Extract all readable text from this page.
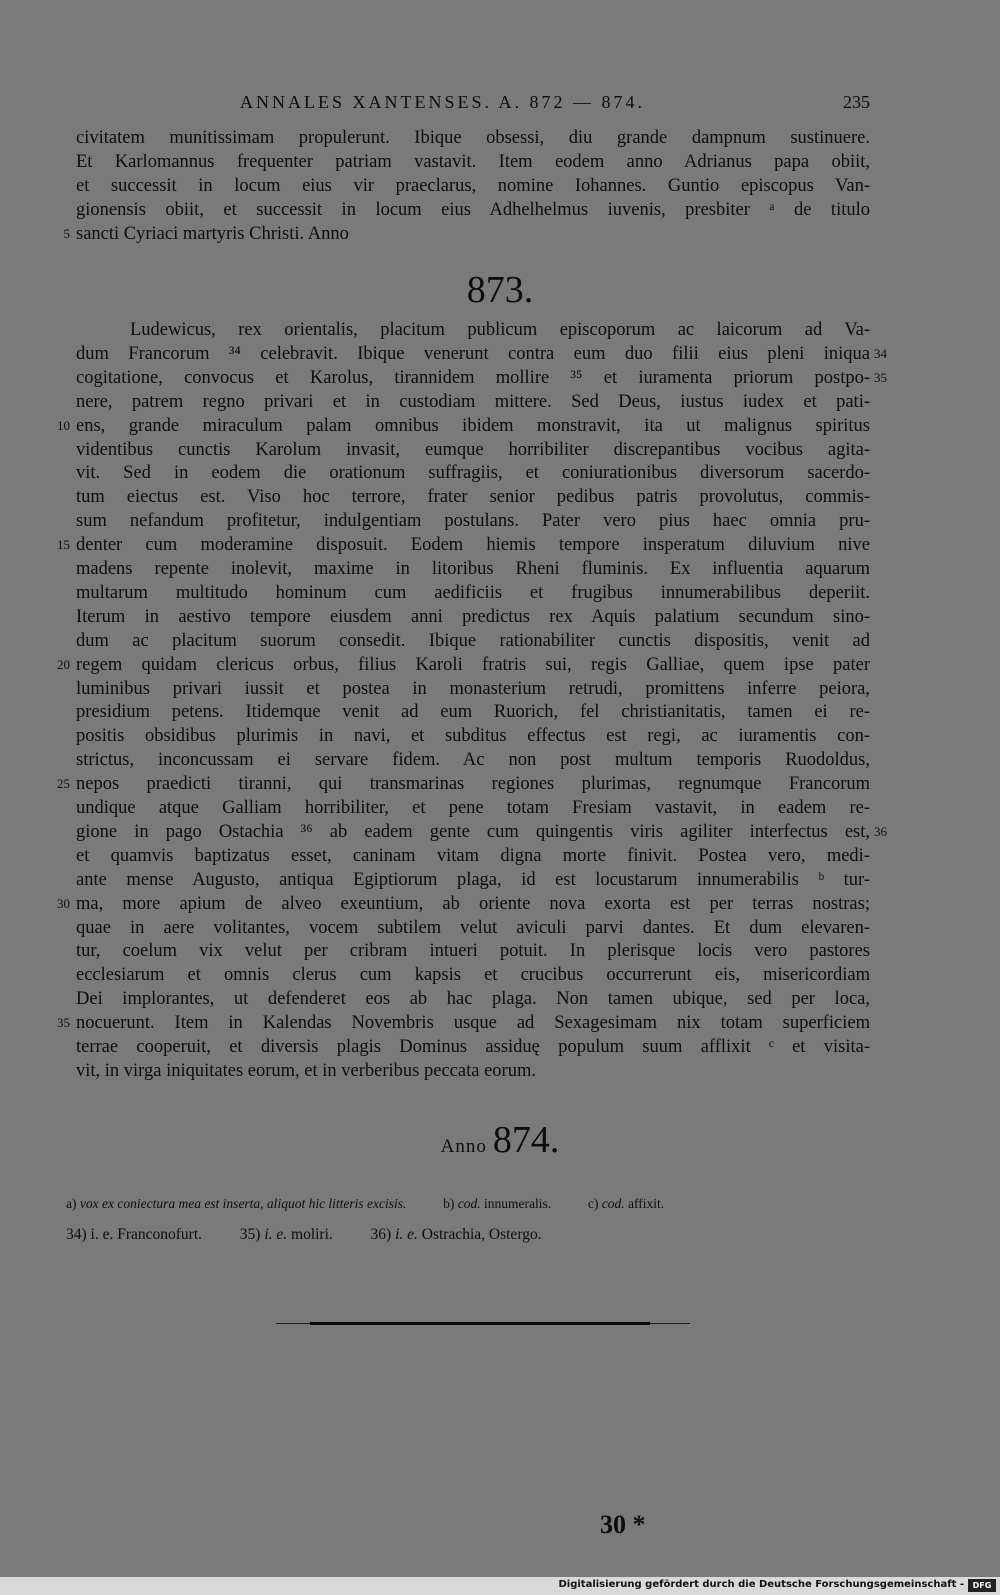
ANNALES XANTENSES. A. 872 — 874.	235
civitatem munitissimam propulerunt. Ibique obsessi, diu grande dampnum sustinuere.
Et Karlomannus frequenter patriam vastavit. Item eodem anno Adrianus papa obiit,
et successit in locum eius vir praeclarus, nomine Iohannes. Guntio episcopus Van-
gionensis obiit, et successit in locum eius Adhelhelmus iuvenis, presbiter ᵃ de titulo
sancti Cyriaci martyris Christi. Anno
5
Ludewicus, rex orientalis, placitum publicum episcoporum ac laicorum ad Va-
dum Francorum ³⁴ celebravit. Ibique venerunt contra eum duo filii eius pleni iniqua 34
cogitatione, convocus et Karolus, tirannidem mollire ³⁵ et iuramenta priorum postpo- 35
nere, patrem regno privari et in custodiam mittere. Sed Deus, iustus iudex et pati-
ens, grande miraculum palam omnibus ibidem monstravit, ita ut malignus spiritus
10
videntibus cunctis Karolum invasit, eumque horribiliter discrepantibus vocibus agita-
vit. Sed in eodem die orationum suffragiis, et coniurationibus diversorum sacerdo-
tum eiectus est. Viso hoc terrore, frater senior pedibus patris provolutus, commis-
sum nefandum profitetur, indulgentiam postulans. Pater vero pius haec omnia pru-
denter cum moderamine disposuit. Eodem hiemis tempore insperatum diluvium nive
15
madens repente inolevit, maxime in litoribus Rheni fluminis. Ex influentia aquarum
multarum multitudo hominum cum aedificiis et frugibus innumerabilibus deperiit.
Iterum in aestivo tempore eiusdem anni predictus rex Aquis palatium secundum sino-
dum ac placitum suorum consedit. Ibique rationabiliter cunctis dispositis, venit ad
regem quidam clericus orbus, filius Karoli fratris sui, regis Galliae, quem ipse pater
20
luminibus privari iussit et postea in monasterium retrudi, promittens inferre peiora,
presidium petens. Itidemque venit ad eum Ruorich, fel christianitatis, tamen ei re-
positis obsidibus plurimis in navi, et subditus effectus est regi, ac iuramentis con-
strictus, inconcussam ei servare fidem. Ac non post multum temporis Ruodoldus,
nepos praedicti tiranni, qui transmarinas regiones plurimas, regnumque Francorum
25
undique atque Galliam horribiliter, et pene totam Fresiam vastavit, in eadem re-
gione in pago Ostachia ³⁶ ab eadem gente cum quingentis viris agiliter interfectus est, 36
et quamvis baptizatus esset, caninam vitam digna morte finivit. Postea vero, medi-
ante mense Augusto, antiqua Egiptiorum plaga, id est locustarum innumerabilis ᵇ tur-
ma, more apium de alveo exeuntium, ab oriente nova exorta est per terras nostras;
30
quae in aere volitantes, vocem subtilem velut aviculi parvi dantes. Et dum elevaren-
tur, coelum vix velut per cribram intueri potuit. In plerisque locis vero pastores
ecclesiarum et omnis clerus cum kapsis et crucibus occurrerunt eis, misericordiam
Dei implorantes, ut defenderet eos ab hac plaga. Non tamen ubique, sed per loca,
nocuerunt. Item in Kalendas Novembris usque ad Sexagesimam nix totam superficiem
35
terrae cooperuit, et diversis plagis Dominus assiduę populum suum afflixit ᶜ et visita-
vit, in virga iniquitates eorum, et in verberibus peccata eorum.
873.
Anno 874.
a) vox ex coniectura mea est inserta, aliquot hic litteris excisis.	b) cod. innumeralis.	c) cod. affixit.
34) i. e. Franconofurt. 35) i. e. moliri. 36) i. e. Ostrachia, Ostergo.
30 *
Digitalisierung gefördert durch die Deutsche Forschungsgemeinschaft -	DFG
